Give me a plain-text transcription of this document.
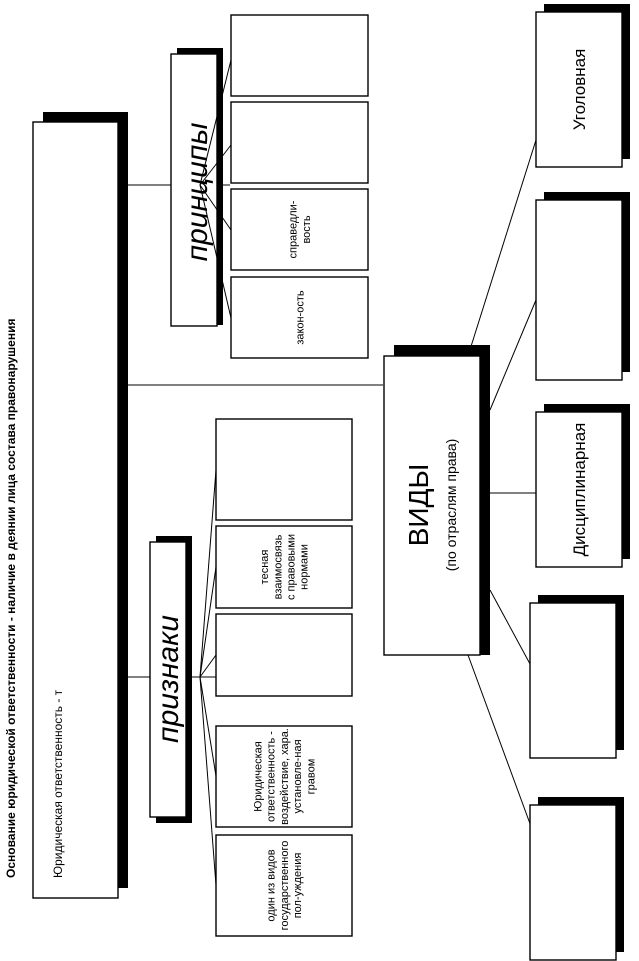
Основание юридической ответственности - наличие в деянии лица состава правонарушения	Юридическая ответственность - т
принципы	справедли-вость
закон-ость
признаки
теснаявзаимосвязьс правовыминормами
Юридическаяответственность -воздействие, хара.установле-наягравом
один из видовгосударственногопол-уждения
ВИДЫ (по отраслям права)
Уголовная
Дисциплинарная
